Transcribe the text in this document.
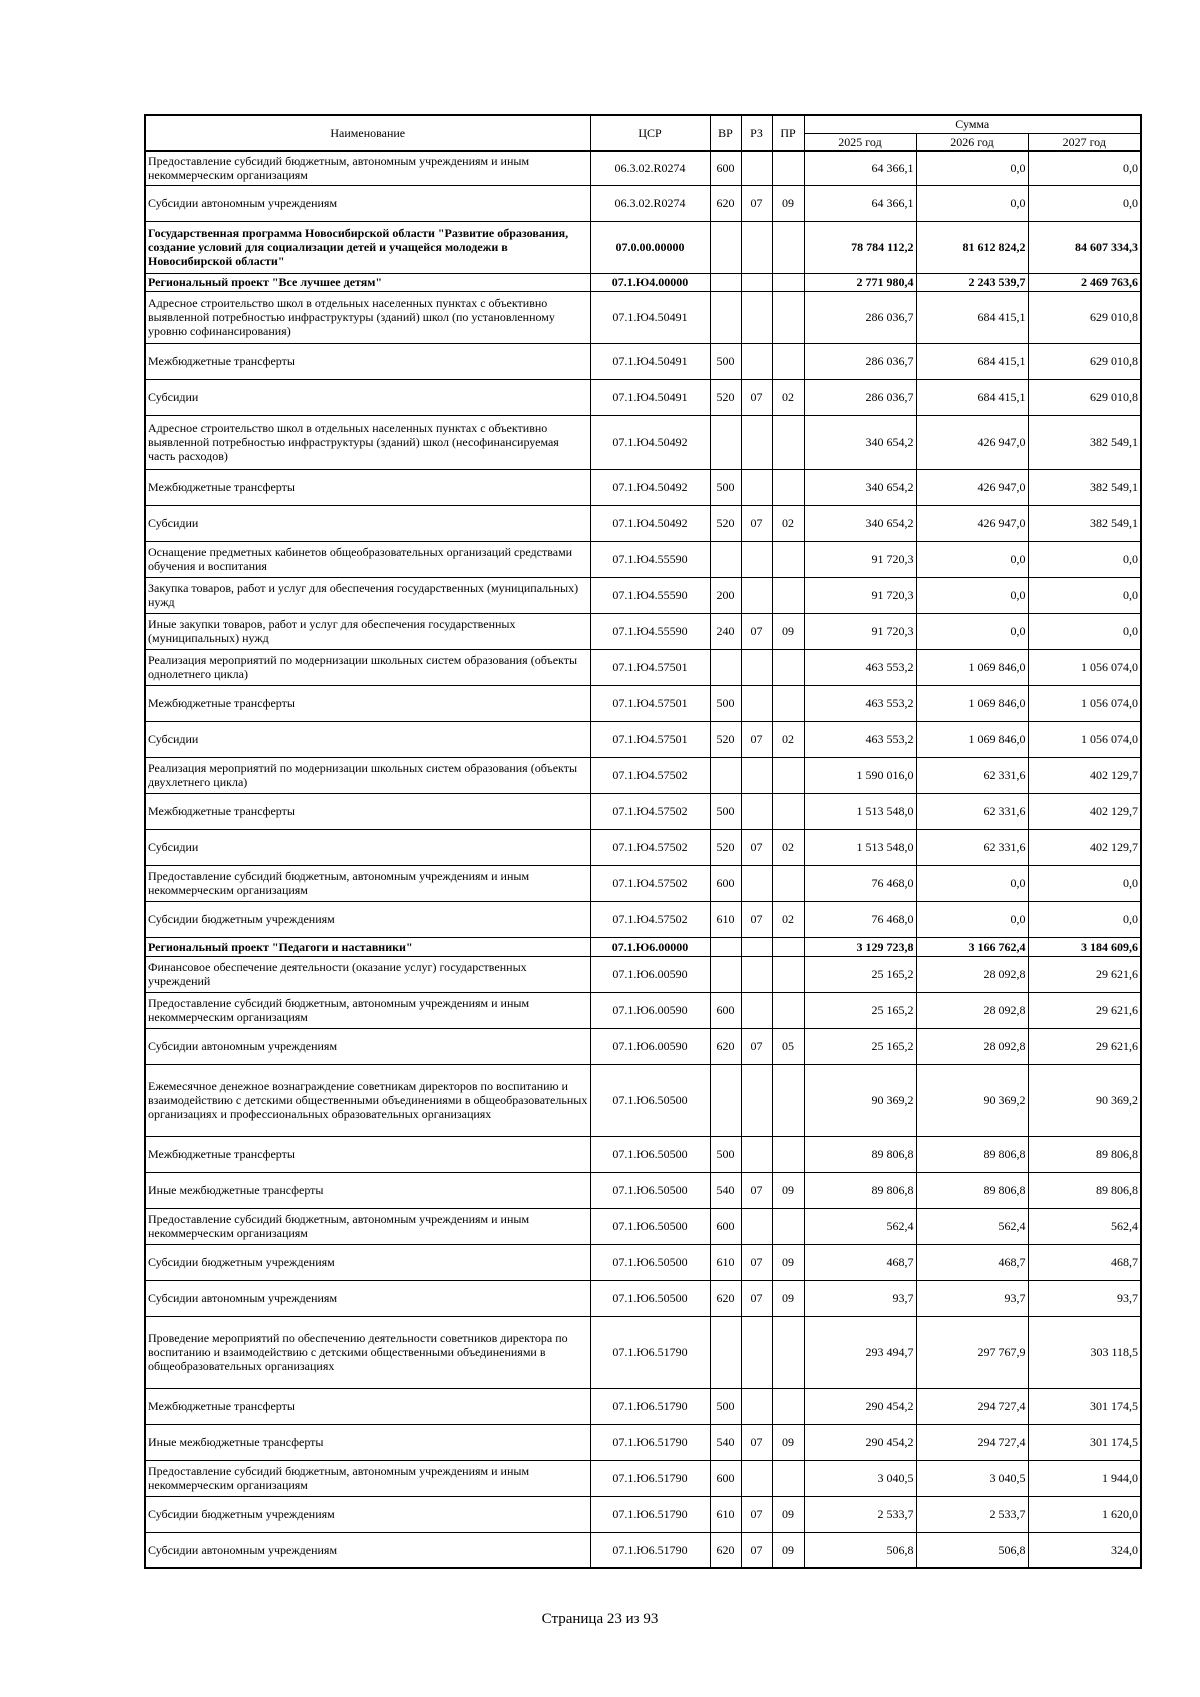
Наименование	ЦСР	ВР	РЗ	ПР	Сумма		
					2025 год	2026 год	2027 год
Предоставление субсидий бюджетным, автономным учреждениям и иным некоммерческим организациям	06.3.02.R0274	600			64 366,1	0,0	0,0
Субсидии автономным учреждениям	06.3.02.R0274	620	07	09	64 366,1	0,0	0,0
Государственная программа Новосибирской области "Развитие образования, создание условий для социализации детей и учащейся молодежи в Новосибирской области"	07.0.00.00000				78 784 112,2	81 612 824,2	84 607 334,3
Региональный проект "Все лучшее детям"	07.1.Ю4.00000				2 771 980,4	2 243 539,7	2 469 763,6
Адресное строительство школ в отдельных населенных пунктах с объективно выявленной потребностью инфраструктуры (зданий) школ (по установленному уровню софинансирования)	07.1.Ю4.50491				286 036,7	684 415,1	629 010,8
Межбюджетные трансферты	07.1.Ю4.50491	500			286 036,7	684 415,1	629 010,8
Субсидии	07.1.Ю4.50491	520	07	02	286 036,7	684 415,1	629 010,8
Адресное строительство школ в отдельных населенных пунктах с объективно выявленной потребностью инфраструктуры (зданий) школ (несофинансируемая часть расходов)	07.1.Ю4.50492				340 654,2	426 947,0	382 549,1
Межбюджетные трансферты	07.1.Ю4.50492	500			340 654,2	426 947,0	382 549,1
Субсидии	07.1.Ю4.50492	520	07	02	340 654,2	426 947,0	382 549,1
Оснащение предметных кабинетов общеобразовательных организаций средствами обучения и воспитания	07.1.Ю4.55590				91 720,3	0,0	0,0
Закупка товаров, работ и услуг для обеспечения государственных (муниципальных) нужд	07.1.Ю4.55590	200			91 720,3	0,0	0,0
Иные закупки товаров, работ и услуг для обеспечения государственных (муниципальных) нужд	07.1.Ю4.55590	240	07	09	91 720,3	0,0	0,0
Реализация мероприятий по модернизации школьных систем образования (объекты однолетнего цикла)	07.1.Ю4.57501				463 553,2	1 069 846,0	1 056 074,0
Межбюджетные трансферты	07.1.Ю4.57501	500			463 553,2	1 069 846,0	1 056 074,0
Субсидии	07.1.Ю4.57501	520	07	02	463 553,2	1 069 846,0	1 056 074,0
Реализация мероприятий по модернизации школьных систем образования (объекты двухлетнего цикла)	07.1.Ю4.57502				1 590 016,0	62 331,6	402 129,7
Межбюджетные трансферты	07.1.Ю4.57502	500			1 513 548,0	62 331,6	402 129,7
Субсидии	07.1.Ю4.57502	520	07	02	1 513 548,0	62 331,6	402 129,7
Предоставление субсидий бюджетным, автономным учреждениям и иным некоммерческим организациям	07.1.Ю4.57502	600			76 468,0	0,0	0,0
Субсидии бюджетным учреждениям	07.1.Ю4.57502	610	07	02	76 468,0	0,0	0,0
Региональный проект "Педагоги и наставники"	07.1.Ю6.00000				3 129 723,8	3 166 762,4	3 184 609,6
Финансовое обеспечение деятельности (оказание услуг) государственных учреждений	07.1.Ю6.00590				25 165,2	28 092,8	29 621,6
Предоставление субсидий бюджетным, автономным учреждениям и иным некоммерческим организациям	07.1.Ю6.00590	600			25 165,2	28 092,8	29 621,6
Субсидии автономным учреждениям	07.1.Ю6.00590	620	07	05	25 165,2	28 092,8	29 621,6
Ежемесячное денежное вознаграждение советникам директоров по воспитанию и взаимодействию с детскими общественными объединениями в общеобразовательных организациях и профессиональных образовательных организациях	07.1.Ю6.50500				90 369,2	90 369,2	90 369,2
Межбюджетные трансферты	07.1.Ю6.50500	500			89 806,8	89 806,8	89 806,8
Иные межбюджетные трансферты	07.1.Ю6.50500	540	07	09	89 806,8	89 806,8	89 806,8
Предоставление субсидий бюджетным, автономным учреждениям и иным некоммерческим организациям	07.1.Ю6.50500	600			562,4	562,4	562,4
Субсидии бюджетным учреждениям	07.1.Ю6.50500	610	07	09	468,7	468,7	468,7
Субсидии автономным учреждениям	07.1.Ю6.50500	620	07	09	93,7	93,7	93,7
Проведение мероприятий по обеспечению деятельности советников директора по воспитанию и взаимодействию с детскими общественными объединениями в общеобразовательных организациях	07.1.Ю6.51790				293 494,7	297 767,9	303 118,5
Межбюджетные трансферты	07.1.Ю6.51790	500			290 454,2	294 727,4	301 174,5
Иные межбюджетные трансферты	07.1.Ю6.51790	540	07	09	290 454,2	294 727,4	301 174,5
Предоставление субсидий бюджетным, автономным учреждениям и иным некоммерческим организациям	07.1.Ю6.51790	600			3 040,5	3 040,5	1 944,0
Субсидии бюджетным учреждениям	07.1.Ю6.51790	610	07	09	2 533,7	2 533,7	1 620,0
Субсидии автономным учреждениям	07.1.Ю6.51790	620	07	09	506,8	506,8	324,0
Страница 23 из 93
